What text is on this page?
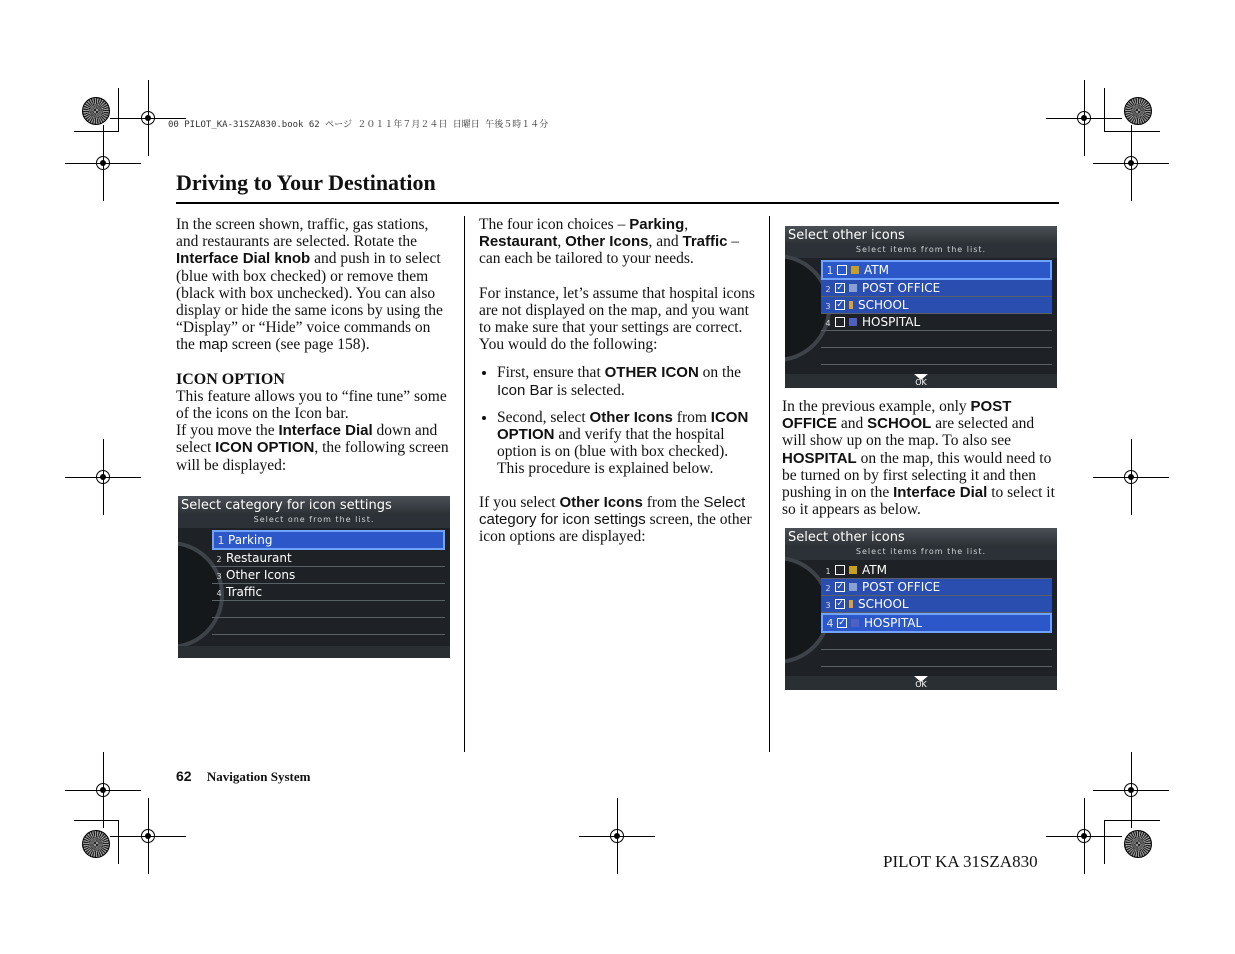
00 PILOT_KA-31SZA830.book 62 ページ ２０１１年７月２４日 日曜日 午後５時１４分
Driving to Your Destination

In the screen shown, traffic, gas stations, and restaurants are selected. Rotate the Interface Dial knob and push in to select (blue with box checked) or remove them (black with box unchecked). You can also display or hide the same icons by using the “Display” or “Hide” voice commands on the map screen (see page 158).

ICON OPTION
This feature allows you to “fine tune” some of the icons on the Icon bar.
If you move the Interface Dial down and select ICON OPTION, the following screen will be displayed:
Select category for icon settings
Select one from the list.
1 Parking
2 Restaurant
3 Other Icons
4 Traffic

The four icon choices – Parking, Restaurant, Other Icons, and Traffic – can each be tailored to your needs.

For instance, let’s assume that hospital icons are not displayed on the map, and you want to make sure that your settings are correct. You would do the following:

• First, ensure that OTHER ICON on the Icon Bar is selected.
• Second, select Other Icons from ICON OPTION and verify that the hospital option is on (blue with box checked). This procedure is explained below.

If you select Other Icons from the Select category for icon settings screen, the other icon options are displayed:

Select other icons
Select items from the list.
1	ATM
2 ✓ POST OFFICE
3 ✓ SCHOOL
4	HOSPITAL
OK

In the previous example, only POST OFFICE and SCHOOL are selected and will show up on the map. To also see HOSPITAL on the map, this would need to be turned on by first selecting it and then pushing in on the Interface Dial to select it so it appears as below.

Select other icons
Select items from the list.
1	ATM
2 ✓ POST OFFICE
3 ✓ SCHOOL
4 ✓ HOSPITAL
OK
62 Navigation System
PILOT KA 31SZA830
